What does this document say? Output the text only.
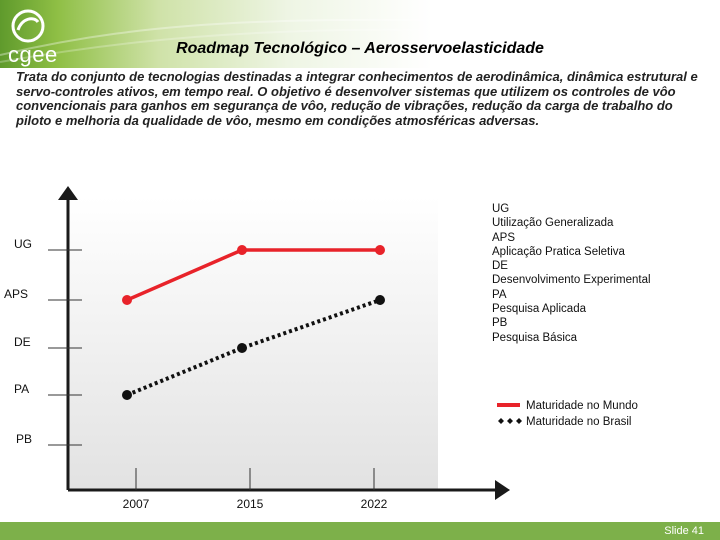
cgee	Roadmap Tecnológico – Aerosservoelasticidade
Trata do conjunto de tecnologias destinadas a integrar conhecimentos de aerodinâmica, dinâmica estrutural e servo-controles ativos, em tempo real. O objetivo é desenvolver sistemas que utilizem os controles de vôo convencionais para ganhos em segurança de vôo, redução de vibrações, redução da carga de trabalho do piloto e melhoria da qualidade de vôo, mesmo em condições atmosféricas adversas.
PB
PA
DE
APS
UG
2007	2015	2022
Maturidade no Mundo
Maturidade no Brasil
UG
Utilização Generalizada
APS
Aplicação Pratica Seletiva
DE
Desenvolvimento Experimental
PA
Pesquisa Aplicada
PB
Pesquisa Básica
Slide 41
